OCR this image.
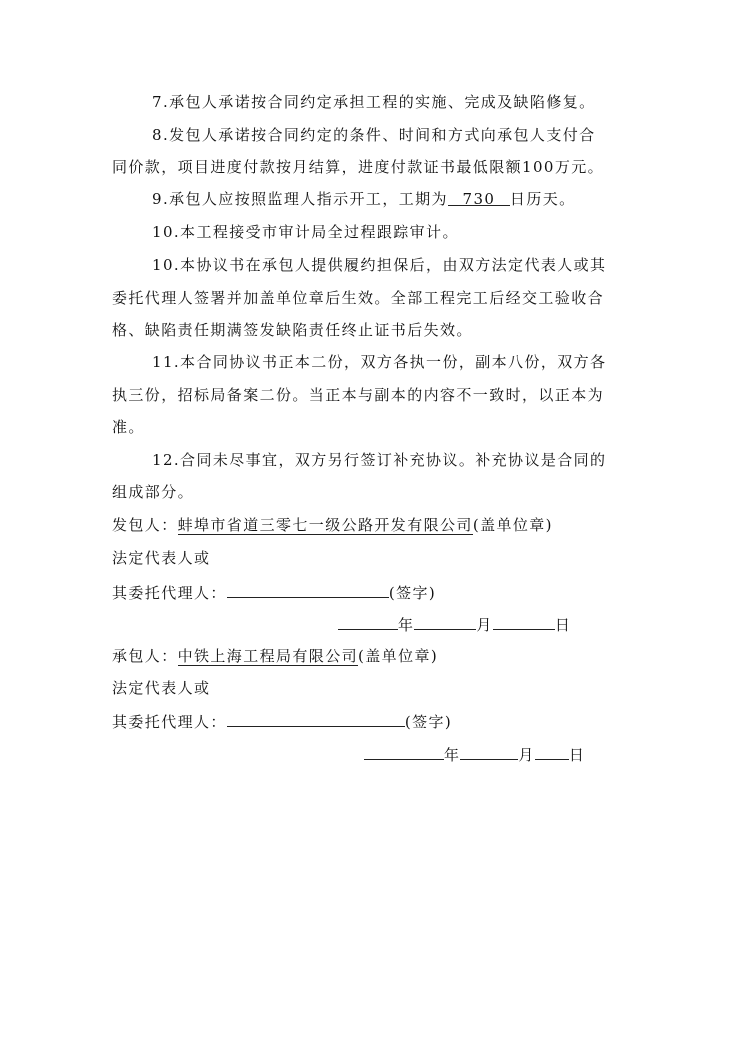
7.承包人承诺按合同约定承担工程的实施、完成及缺陷修复。
8.发包人承诺按合同约定的条件、时间和方式向承包人支付合
同价款，项目进度付款按月结算，进度付款证书最低限额100万元。
9.承包人应按照监理人指示开工，工期为 730 日历天。
10.本工程接受市审计局全过程跟踪审计。
10.本协议书在承包人提供履约担保后，由双方法定代表人或其
委托代理人签署并加盖单位章后生效。全部工程完工后经交工验收合
格、缺陷责任期满签发缺陷责任终止证书后失效。
11.本合同协议书正本二份，双方各执一份，副本八份，双方各
执三份，招标局备案二份。当正本与副本的内容不一致时，以正本为
准。
12.合同未尽事宜，双方另行签订补充协议。补充协议是合同的
组成部分。
发包人：蚌埠市省道三零七一级公路开发有限公司(盖单位章)
法定代表人或
其委托代理人：	(签字)
年	月	日
承包人：中铁上海工程局有限公司(盖单位章)
法定代表人或
其委托代理人：	(签字)
年	月 日
